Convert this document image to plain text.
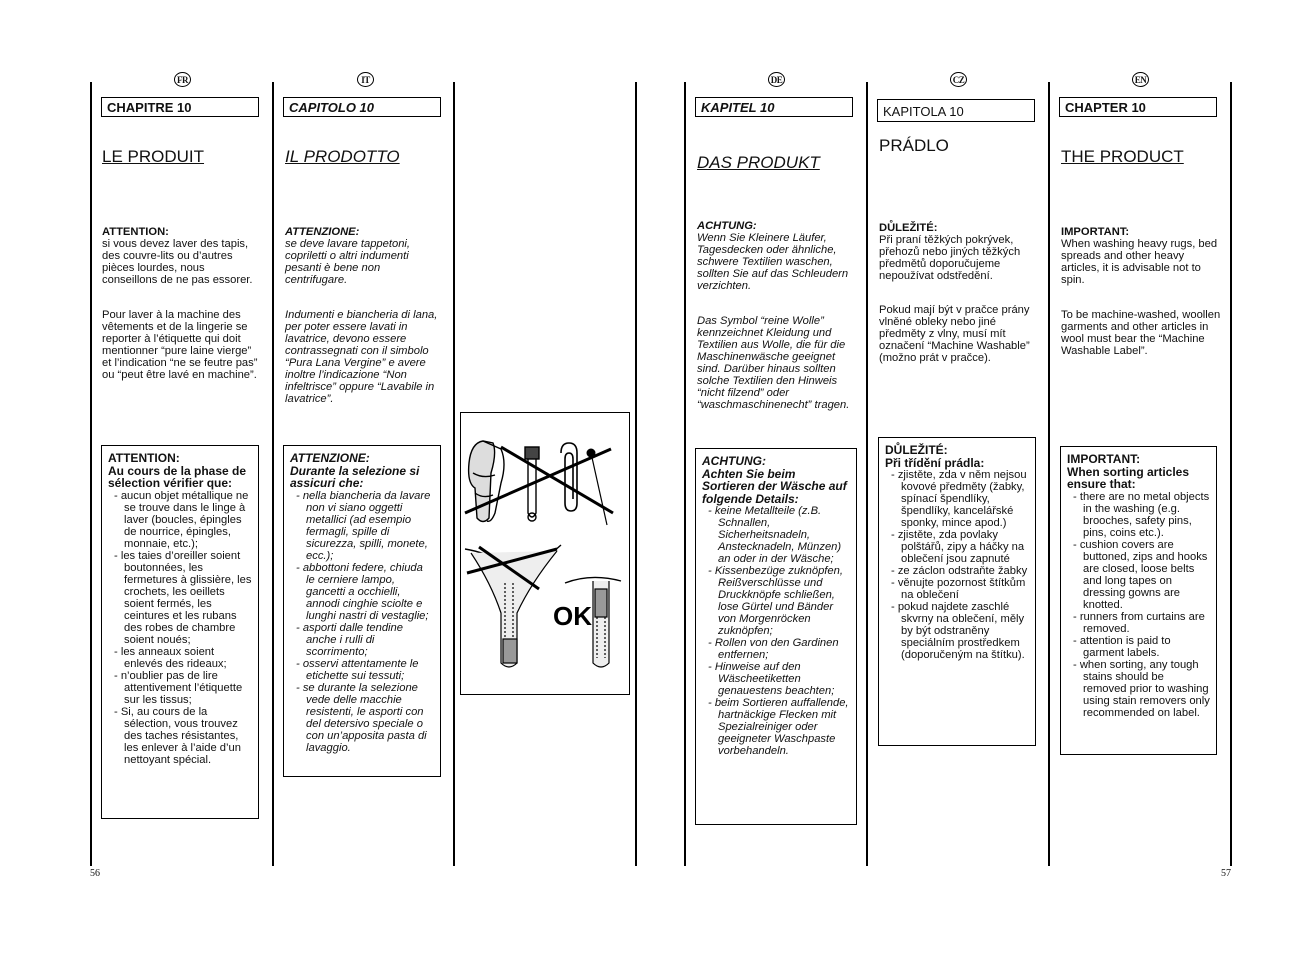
FR
CHAPITRE 10
LE PRODUIT

ATTENTION:

si vous devez laver des tapis, des couvre-lits ou d’autres pièces lourdes, nous conseillons de ne pas essorer.

Pour laver à la machine des vêtements et de la lingerie se reporter à l’étiquette qui doit mentionner “pure laine vierge” et l’indication “ne se feutre pas” ou “peut être lavé en machine”.

ATTENTION:
Au cours de la phase de sélection vérifier que:
- aucun objet métallique ne se trouve dans le linge à laver (boucles, épingles de nourrice, épingles, monnaie, etc.);
- les taies d’oreiller soient boutonnées, les fermetures à glissière, les crochets, les oeillets soient fermés, les ceintures et les rubans des robes de chambre soient noués;
- les anneaux soient enlevés des rideaux;
- n’oublier pas de lire attentivement l’étiquette sur les tissus;
- Si, au cours de la sélection, vous trouvez des taches résistantes, les enlever à l’aide d’un nettoyant spécial.
IT
CAPITOLO 10
IL PRODOTTO

ATTENZIONE:

se deve lavare tappetoni, copriletti o altri indumenti pesanti è bene non centrifugare.

Indumenti e biancheria di lana, per poter essere lavati in lavatrice, devono essere contrassegnati con il simbolo “Pura Lana Vergine” e avere inoltre l’indicazione “Non infeltrisce” oppure “Lavabile in lavatrice”.

ATTENZIONE:
Durante la selezione si assicuri che:
- nella biancheria da lavare non vi siano oggetti metallici (ad esempio fermagli, spille di sicurezza, spilli, monete, ecc.);
- abbottoni federe, chiuda le cerniere lampo, gancetti a occhielli, annodi cinghie sciolte e lunghi nastri di vestaglie;
- asporti dalle tendine anche i rulli di scorrimento;
- osservi attentamente le etichette sui tessuti;
- se durante la selezione vede delle macchie resistenti, le asporti con del detersivo speciale o con un’apposita pasta di lavaggio.
OK
DE
KAPITEL 10
DAS PRODUKT

ACHTUNG:

Wenn Sie Kleinere Läufer, Tagesdecken oder ähnliche, schwere Textilien waschen, sollten Sie auf das Schleudern verzichten.

Das Symbol “reine Wolle” kennzeichnet Kleidung und Textilien aus Wolle, die für die Maschinenwäsche geeignet sind. Darüber hinaus sollten solche Textilien den Hinweis “nicht filzend” oder “waschmaschinenecht” tragen.

ACHTUNG:
Achten Sie beim Sortieren der Wäsche auf folgende Details:
- keine Metallteile (z.B. Schnallen, Sicherheitsnadeln, Anstecknadeln, Münzen) an oder in der Wäsche;
- Kissenbezüge zuknöpfen, Reißverschlüsse und Druckknöpfe schließen, lose Gürtel und Bänder von Morgenröcken zuknöpfen;
- Rollen von den Gardinen entfernen;
- Hinweise auf den Wäscheetiketten genauestens beachten;
- beim Sortieren auffallende, hartnäckige Flecken mit Spezialreiniger oder geeigneter Waschpaste vorbehandeln.
CZ
KAPITOLA 10
PRÁDLO

DŮLEŽITÉ:

Při praní těžkých pokrývek, přehozů nebo jiných těžkých předmětů doporučujeme nepoužívat odstředění.

Pokud mají být v pračce prány vlněné obleky nebo jiné předměty z vlny, musí mít označení “Machine Washable” (možno prát v pračce).

DŮLEŽITÉ:
Při třídění prádla:
- zjistěte, zda v něm nejsou kovové předměty (žabky, spínací špendlíky, špendlíky, kancelářské sponky, mince apod.)
- zjistěte, zda povlaky polštářů, zipy a háčky na oblečení jsou zapnuté
- ze záclon odstraňte žabky
- věnujte pozornost štítkům na oblečení
- pokud najdete zaschlé skvrny na oblečení, měly by být odstraněny speciálním prostředkem (doporučeným na štítku).
EN
CHAPTER 10
THE PRODUCT

IMPORTANT:

When washing heavy rugs, bed spreads and other heavy articles, it is advisable not to spin.

To be machine-washed, woollen garments and other articles in wool must bear the “Machine Washable Label”.

IMPORTANT:
When sorting articles ensure that:
- there are no metal objects in the washing (e.g. brooches, safety pins, pins, coins etc.).
- cushion covers are buttoned, zips and hooks are closed, loose belts and long tapes on dressing gowns are knotted.
- runners from curtains are removed.
- attention is paid to garment labels.
- when sorting, any tough stains should be removed prior to washing using stain removers only recommended on label.
56	57
